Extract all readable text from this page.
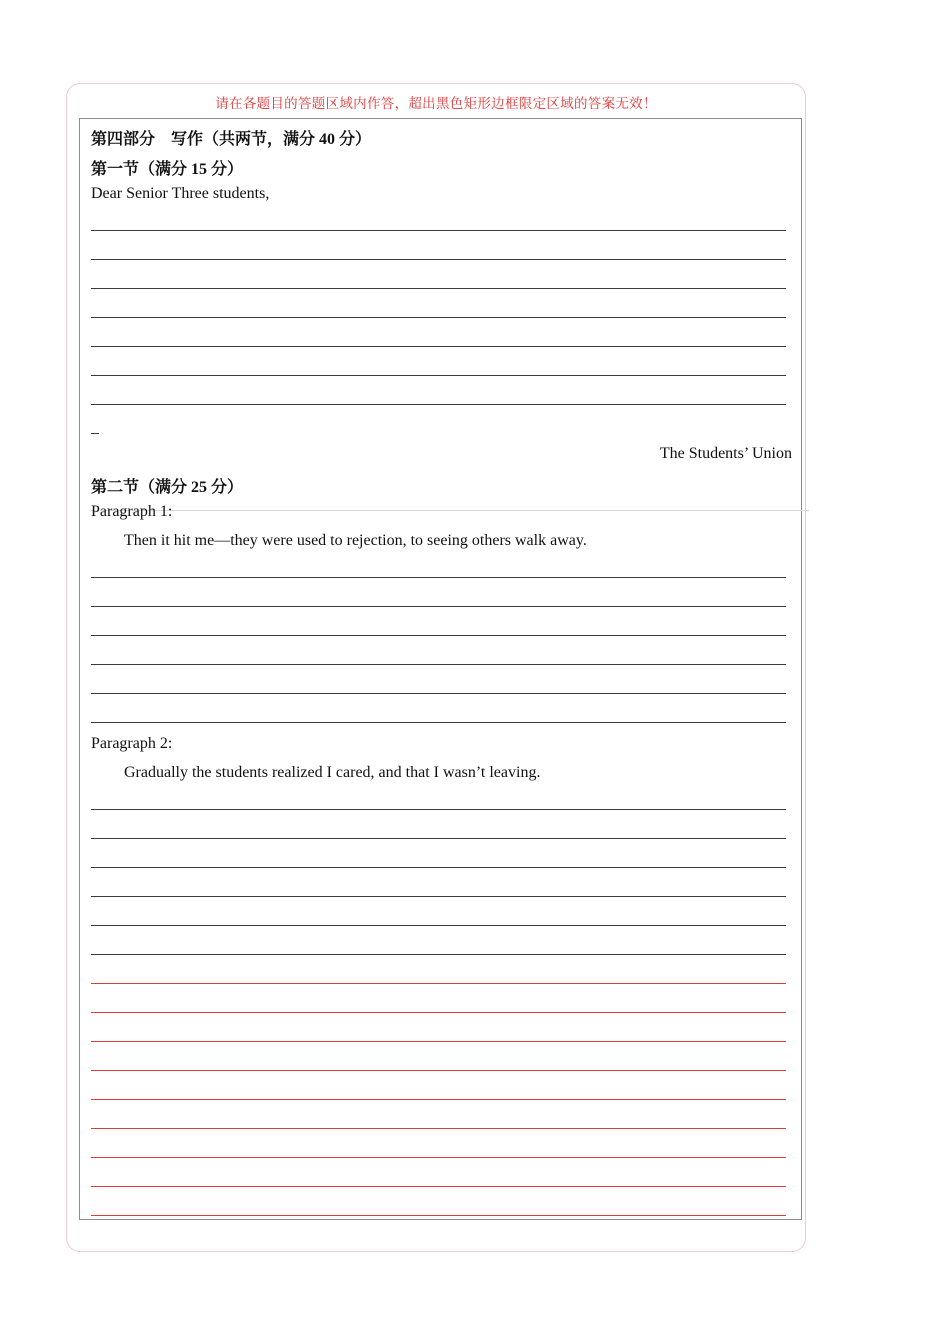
请在各题目的答题区域内作答，超出黑色矩形边框限定区域的答案无效！
第四部分　写作（共两节，满分 40 分）
第一节（满分 15 分）
Dear Senior Three students,
The Students’ Union
第二节（满分 25 分）
Paragraph 1:
Then it hit me—they were used to rejection, to seeing others walk away.
Paragraph 2:
Gradually the students realized I cared, and that I wasn’t leaving.
